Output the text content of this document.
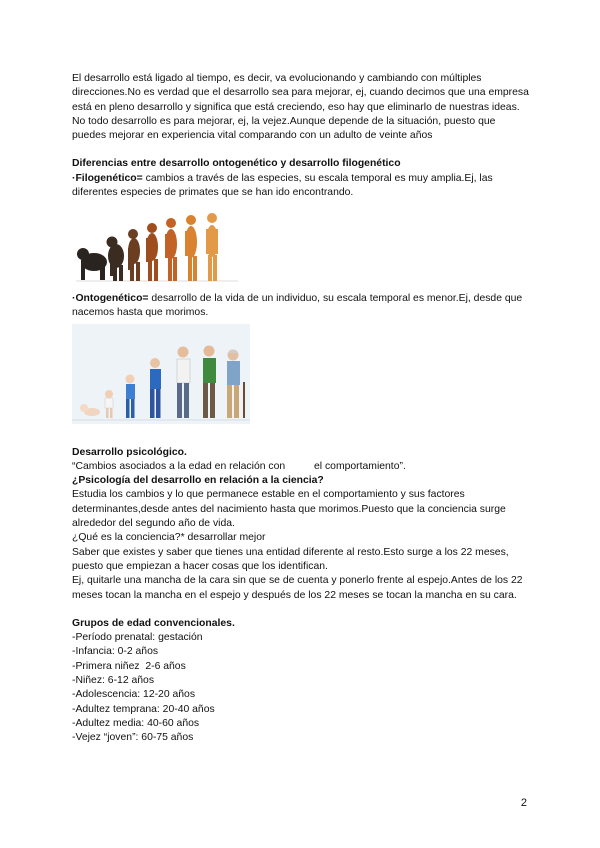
El desarrollo está ligado al tiempo, es decir, va evolucionando y cambiando con múltiples direcciones.No es verdad que el desarrollo sea para mejorar, ej, cuando decimos que una empresa está en pleno desarrollo y significa que está creciendo, eso hay que eliminarlo de nuestras ideas.

No todo desarrollo es para mejorar, ej, la vejez.Aunque depende de la situación, puesto que puedes mejorar en experiencia vital comparando con un adulto de veinte años

Diferencias entre desarrollo ontogenético y desarrollo filogenético

·Filogenético= cambios a través de las especies, su escala temporal es muy amplia.Ej, las diferentes especies de primates que se han ido encontrando.

·Ontogenético= desarrollo de la vida de un individuo, su escala temporal es menor.Ej, desde que nacemos hasta que morimos.

Desarrollo psicológico.

“Cambios asociados a la edad en relación con          el comportamiento”.

¿Psicología del desarrollo en relación a la ciencia?

Estudia los cambios y lo que permanece estable en el comportamiento y sus factores determinantes,desde antes del nacimiento hasta que morimos.Puesto que la conciencia surge alrededor del segundo año de vida.

¿Qué es la conciencia?* desarrollar mejor

Saber que existes y saber que tienes una entidad diferente al resto.Esto surge a los 22 meses, puesto que empiezan a hacer cosas que los identifican.

Ej, quitarle una mancha de la cara sin que se de cuenta y ponerlo frente al espejo.Antes de los 22 meses tocan la mancha en el espejo y después de los 22 meses se tocan la mancha en su cara.

Grupos de edad convencionales.

-Período prenatal: gestación

-Infancia: 0-2 años

-Primera niñez  2-6 años

-Niñez: 6-12 años

-Adolescencia: 12-20 años

-Adultez temprana: 20-40 años

-Adultez media: 40-60 años

-Vejez “joven”: 60-75 años

2
